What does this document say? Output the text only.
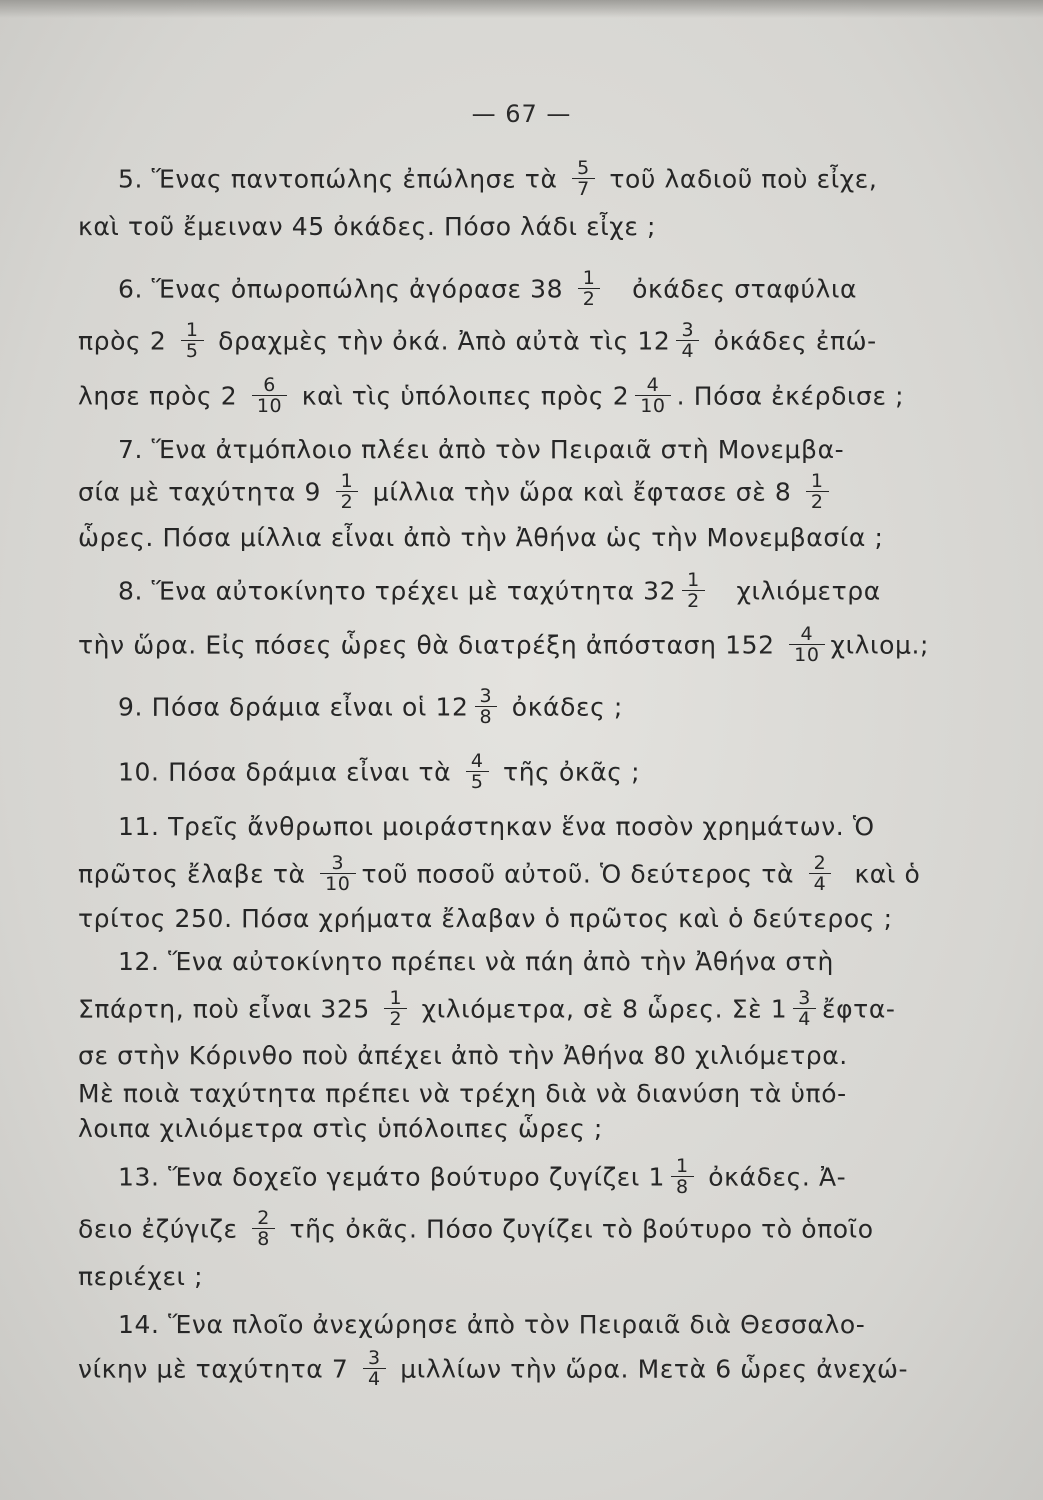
— 67 —
5. Ἕνας παντοπώλης ἐπώλησε τὰ $\frac{5}{7}$ τοῦ λαδιοῦ ποὺ εἶχε,
καὶ τοῦ ἔμειναν 45 ὀκάδες. Πόσο λάδι εἶχε ;
6. Ἕνας ὀπωροπώλης ἀγόρασε $38 \frac{1}{2}$ ὀκάδες σταφύλια
πρὸς $2 \frac{1}{5}$ δραχμὲς τὴν ὀκά. Ἀπὸ αὐτὰ τὶς $12 \frac{3}{4}$ ὀκάδες ἐπώ-
λησε πρὸς $2 \frac{6}{10}$ καὶ τὶς ὑπόλοιπες πρὸς $2 \frac{4}{10}$ . Πόσα ἐκέρδισε ;
7. Ἕνα ἀτμόπλοιο πλέει ἀπὸ τὸν Πειραιᾶ στὴ Μονεμβα-
σία μὲ ταχύτητα $9 \frac{1}{2}$ μίλλια τὴν ὥρα καὶ ἔφτασε σὲ $8 \frac{1}{2}$
ὧρες. Πόσα μίλλια εἶναι ἀπὸ τὴν Ἀθήνα ὡς τὴν Μονεμβασία ;
8. Ἕνα αὐτοκίνητο τρέχει μὲ ταχύτητα $32 \frac{1}{2}$ χιλιόμετρα
τὴν ὥρα. Εἰς πόσες ὧρες θὰ διατρέξη ἀπόσταση $152 \frac{4}{10} \chi\iota\lambda\iota o\mu$.;
9. Πόσα δράμια εἶναι οἱ $12 \frac{3}{8}$ ὀκάδες ;
10. Πόσα δράμια εἶναι τὰ $\frac{4}{5}$ τῆς ὀκᾶς ;
11. Τρεῖς ἄνθρωποι μοιράστηκαν ἕνα ποσὸν χρημάτων. Ὁ
πρῶτος ἔλαβε τὰ $\frac{3}{10}$ τοῦ ποσοῦ αὐτοῦ. Ὁ δεύτερος τὰ $\frac{2}{4}$ καὶ ὁ
τρίτος 250. Πόσα χρήματα ἔλαβαν ὁ πρῶτος καὶ ὁ δεύτερος ;
12. Ἕνα αὐτοκίνητο πρέπει νὰ πάη ἀπὸ τὴν Ἀθήνα στὴ
Σπάρτη, ποὺ εἶναι $325 \frac{1}{2} \chi\iota\lambda\iota ό\mu\varepsilon\tau\rho\alpha$, σὲ 8 ὧρες. Σὲ $1 \frac{3}{4}$ ἔφτα-
σε στὴν Κόρινθο ποὺ ἀπέχει ἀπὸ τὴν Ἀθήνα 80 χιλιόμετρα.
Μὲ ποιὰ ταχύτητα πρέπει νὰ τρέχη διὰ νὰ διανύση τὰ ὑπό-
λοιπα χιλιόμετρα στὶς ὑπόλοιπες ὧρες ;
13. Ἕνα δοχεῖο γεμάτο βούτυρο ζυγίζει $1 \frac{1}{8}$ ὀκάδες. Ἀ-
δειο ἐζύγιζε $\frac{2}{8}$ τῆς ὀκᾶς. Πόσο ζυγίζει τὸ βούτυρο τὸ ὁποῖο
περιέχει ;
14. Ἕνα πλοῖο ἀνεχώρησε ἀπὸ τὸν Πειραιᾶ διὰ Θεσσαλο-
νίκην μὲ ταχύτητα $7 \frac{3}{4}$ μιλλίων τὴν ὥρα. Μετὰ 6 ὧρες ἀνεχώ-
